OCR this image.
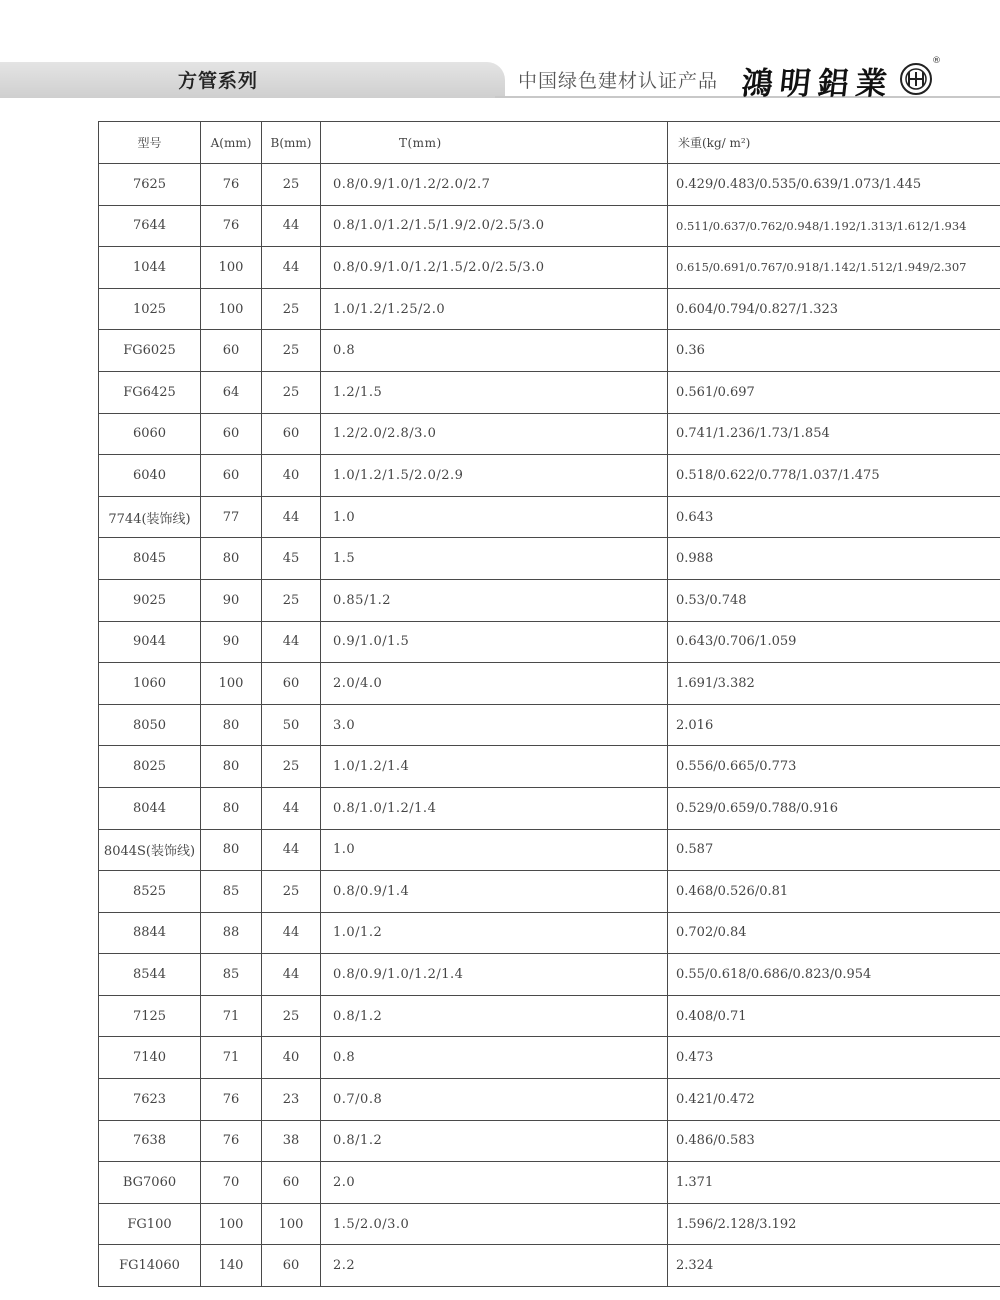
方管系列	中国绿色建材认证产品 鴻明鋁業
®
型号	A(mm)	B(mm)	T(mm)	米重(kg/ m²)
7625	76	25	0.8/0.9/1.0/1.2/2.0/2.7	0.429/0.483/0.535/0.639/1.073/1.445
7644	76	44	0.8/1.0/1.2/1.5/1.9/2.0/2.5/3.0	0.511/0.637/0.762/0.948/1.192/1.313/1.612/1.934
1044	100	44	0.8/0.9/1.0/1.2/1.5/2.0/2.5/3.0	0.615/0.691/0.767/0.918/1.142/1.512/1.949/2.307
1025	100	25	1.0/1.2/1.25/2.0	0.604/0.794/0.827/1.323
FG6025	60	25	0.8	0.36
FG6425	64	25	1.2/1.5	0.561/0.697
6060	60	60	1.2/2.0/2.8/3.0	0.741/1.236/1.73/1.854
6040	60	40	1.0/1.2/1.5/2.0/2.9	0.518/0.622/0.778/1.037/1.475
7744(装饰线)	77	44	1.0	0.643
8045	80	45	1.5	0.988
9025	90	25	0.85/1.2	0.53/0.748
9044	90	44	0.9/1.0/1.5	0.643/0.706/1.059
1060	100	60	2.0/4.0	1.691/3.382
8050	80	50	3.0	2.016
8025	80	25	1.0/1.2/1.4	0.556/0.665/0.773
8044	80	44	0.8/1.0/1.2/1.4	0.529/0.659/0.788/0.916
8044S(装饰线)	80	44	1.0	0.587
8525	85	25	0.8/0.9/1.4	0.468/0.526/0.81
8844	88	44	1.0/1.2	0.702/0.84
8544	85	44	0.8/0.9/1.0/1.2/1.4	0.55/0.618/0.686/0.823/0.954
7125	71	25	0.8/1.2	0.408/0.71
7140	71	40	0.8	0.473
7623	76	23	0.7/0.8	0.421/0.472
7638	76	38	0.8/1.2	0.486/0.583
BG7060	70	60	2.0	1.371
FG100	100	100	1.5/2.0/3.0	1.596/2.128/3.192
FG14060	140	60	2.2	2.324
